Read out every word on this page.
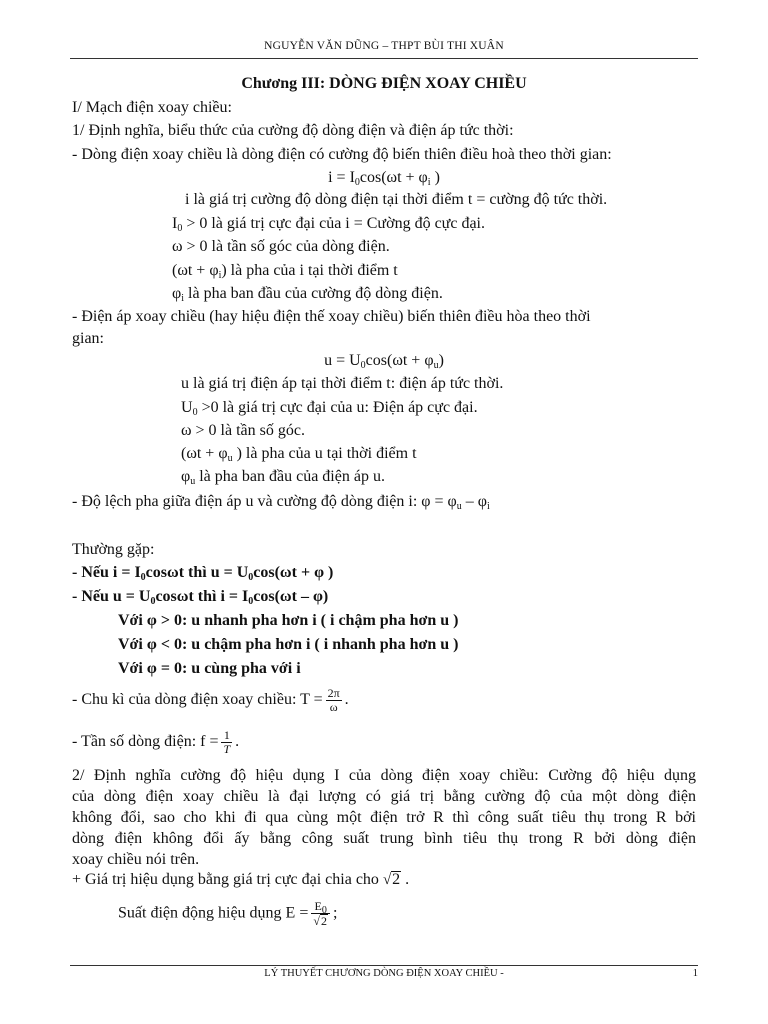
NGUYỄN VĂN DŨNG – THPT BÙI THI XUÂN
Chương III: DÒNG ĐIỆN XOAY CHIỀU
I/ Mạch điện xoay chiều:
1/ Định nghĩa, biểu thức của cường độ dòng điện và điện áp tức thời:
- Dòng điện xoay chiều là dòng điện có cường độ biến thiên điều hoà theo thời gian:
$i = I_0\cos(\omega t + \varphi_i$ )
i là giá trị cường độ dòng điện tại thời điểm t = cường độ tức thời.
$I_0 > 0$ là giá trị cực đại của i = Cường độ cực đại.
ω > 0 là tần số góc của dòng điện.
$(\omega t + \varphi_i)$ là pha của i tại thời điểm t
$\varphi_i$ là pha ban đầu của cường độ dòng điện.
- Điện áp xoay chiều (hay hiệu điện thế xoay chiều) biến thiên điều hòa theo thời
gian:
$u = U_0\cos(\omega t + \varphi_u)$
u là giá trị điện áp tại thời điểm t: điện áp tức thời.
$U_0 >0$ là giá trị cực đại của u: Điện áp cực đại.
ω > 0 là tần số góc.
($\omega t + \varphi_u$ ) là pha của u tại thời điểm t
$\varphi_u$ là pha ban đầu của điện áp u.
- Độ lệch pha giữa điện áp u và cường độ dòng điện i: $\varphi = \varphi_u - \varphi_i$
Thường gặp:
- Nếu $i = I_0\cos\omega t$ thì $u = U_0\cos(\omega t + \varphi$ )
- Nếu $u = U_0\cos\omega t$ thì $i = I_0\cos(\omega t - \varphi)$
Với φ > 0: u nhanh pha hơn i ( i chậm pha hơn u )
Với φ < 0: u chậm pha hơn i ( i nhanh pha hơn u )
Với φ = 0: u cùng pha với i
- Chu kì của dòng điện xoay chiều: $T = \frac{2\pi}{\omega}$ .
- Tần số dòng điện: $f = \frac{1}{T}$ .
2/ Định nghĩa cường độ hiệu dụng I của dòng điện xoay chiều: Cường độ hiệu dụng
của dòng điện xoay chiều là đại lượng có giá trị bằng cường độ của một dòng điện
không đổi, sao cho khi đi qua cùng một điện trở R thì công suất tiêu thụ trong R bởi
dòng điện không đổi ấy bằng công suất trung bình tiêu thụ trong R bởi dòng điện
xoay chiều nói trên.
+ Giá trị hiệu dụng bằng giá trị cực đại chia cho √2 .
Suất điện động hiệu dụng $E = \frac{E_0}{√2}$ ;
LÝ THUYẾT CHƯƠNG DÒNG ĐIỆN XOAY CHIỀU -	1
